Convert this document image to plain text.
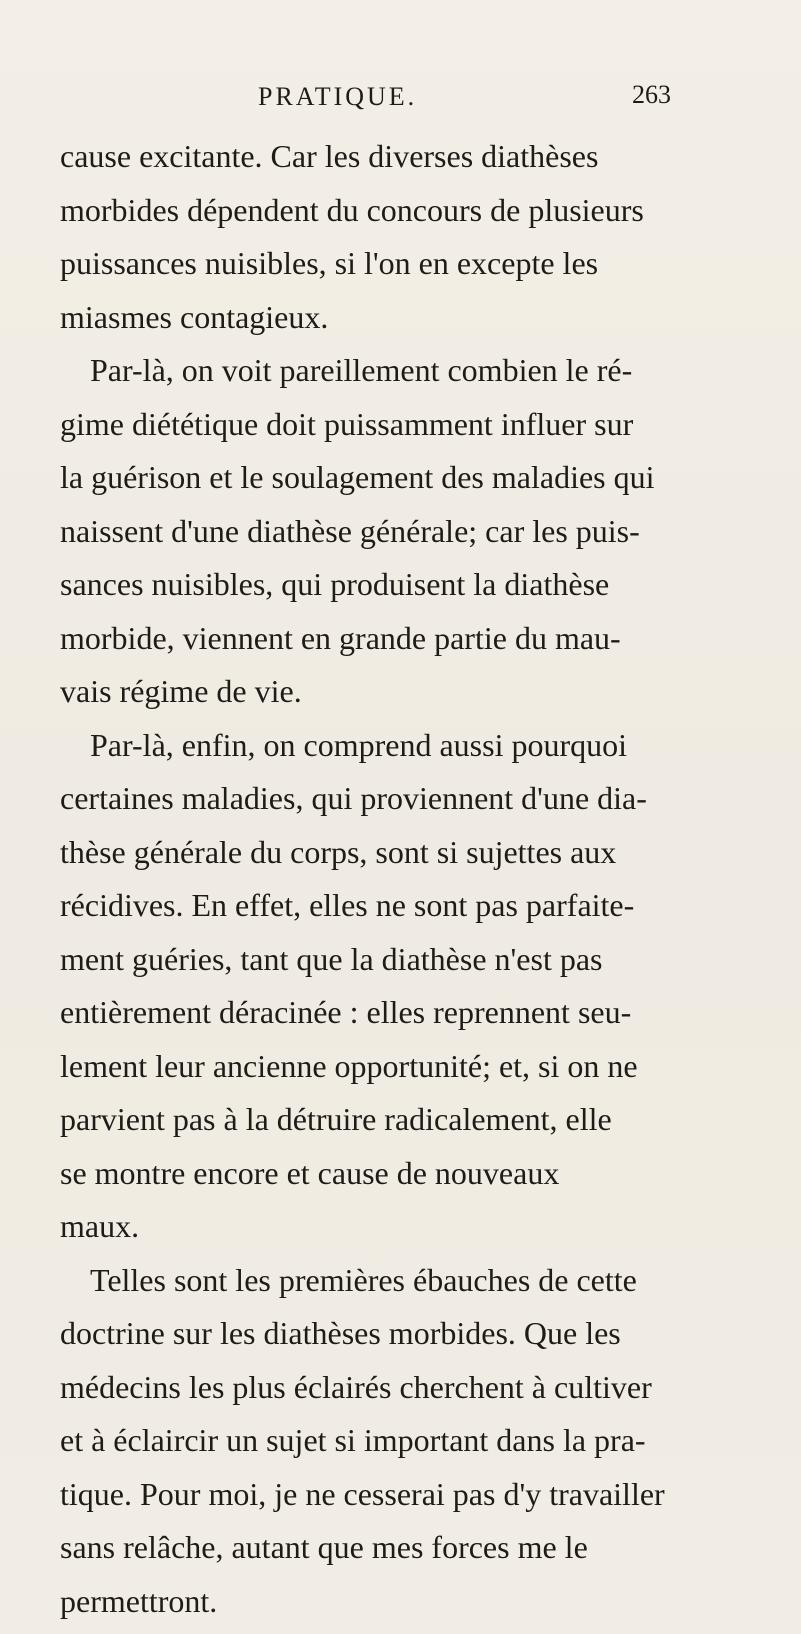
PRATIQUE.	263
cause excitante. Car les diverses diathèses
morbides dépendent du concours de plusieurs
puissances nuisibles, si l'on en excepte les
miasmes contagieux.
Par-là, on voit pareillement combien le ré-
gime diététique doit puissamment influer sur
la guérison et le soulagement des maladies qui
naissent d'une diathèse générale; car les puis-
sances nuisibles, qui produisent la diathèse
morbide, viennent en grande partie du mau-
vais régime de vie.
Par-là, enfin, on comprend aussi pourquoi
certaines maladies, qui proviennent d'une dia-
thèse générale du corps, sont si sujettes aux
récidives. En effet, elles ne sont pas parfaite-
ment guéries, tant que la diathèse n'est pas
entièrement déracinée : elles reprennent seu-
lement leur ancienne opportunité; et, si on ne
parvient pas à la détruire radicalement, elle
se montre encore et cause de nouveaux
maux.
Telles sont les premières ébauches de cette
doctrine sur les diathèses morbides. Que les
médecins les plus éclairés cherchent à cultiver
et à éclaircir un sujet si important dans la pra-
tique. Pour moi, je ne cesserai pas d'y travailler
sans relâche, autant que mes forces me le
permettront.
